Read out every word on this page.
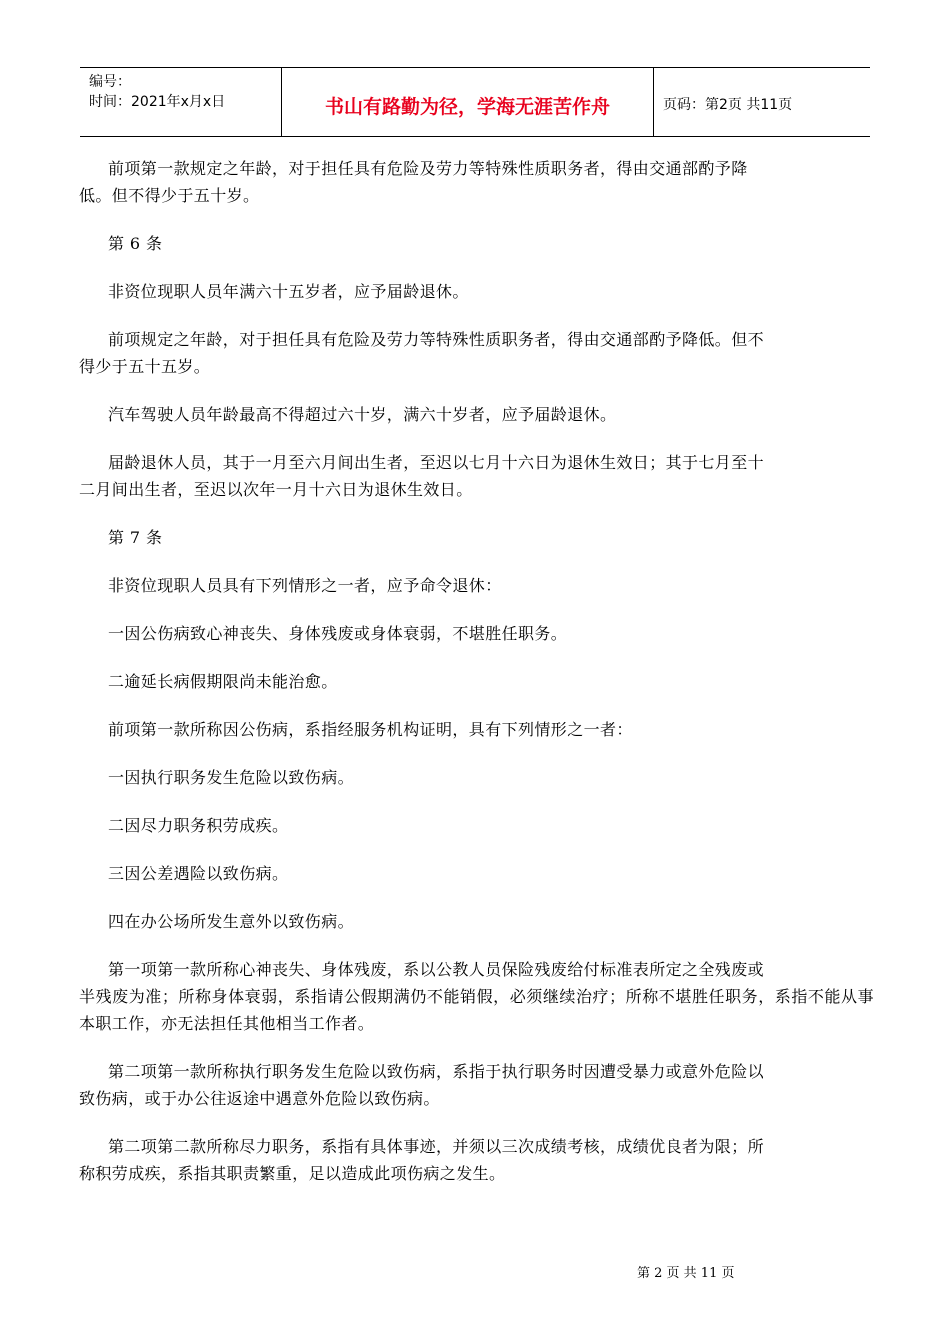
编号：
时间：2021年x月x日	书山有路勤为径，学海无涯苦作舟	页码：第2页 共11页

前项第一款规定之年龄，对于担任具有危险及劳力等特殊性质职务者，得由交通部酌予降
低。但不得少于五十岁。

第 6 条

非资位现职人员年满六十五岁者，应予届龄退休。

前项规定之年龄，对于担任具有危险及劳力等特殊性质职务者，得由交通部酌予降低。但不
得少于五十五岁。

汽车驾驶人员年龄最高不得超过六十岁，满六十岁者，应予届龄退休。

届龄退休人员，其于一月至六月间出生者，至迟以七月十六日为退休生效日；其于七月至十
二月间出生者，至迟以次年一月十六日为退休生效日。

第 7 条

非资位现职人员具有下列情形之一者，应予命令退休：

一因公伤病致心神丧失、身体残废或身体衰弱，不堪胜任职务。

二逾延长病假期限尚未能治愈。

前项第一款所称因公伤病，系指经服务机构证明，具有下列情形之一者：

一因执行职务发生危险以致伤病。

二因尽力职务积劳成疾。

三因公差遇险以致伤病。

四在办公场所发生意外以致伤病。

第一项第一款所称心神丧失、身体残废，系以公教人员保险残废给付标准表所定之全残废或
半残废为准；所称身体衰弱，系指请公假期满仍不能销假，必须继续治疗；所称不堪胜任职务，系指不能从事本职工作，亦无法担任其他相当工作者。

第二项第一款所称执行职务发生危险以致伤病，系指于执行职务时因遭受暴力或意外危险以
致伤病，或于办公往返途中遇意外危险以致伤病。

第二项第二款所称尽力职务，系指有具体事迹，并须以三次成绩考核，成绩优良者为限；所
称积劳成疾，系指其职责繁重，足以造成此项伤病之发生。

第 2 页 共 11 页
